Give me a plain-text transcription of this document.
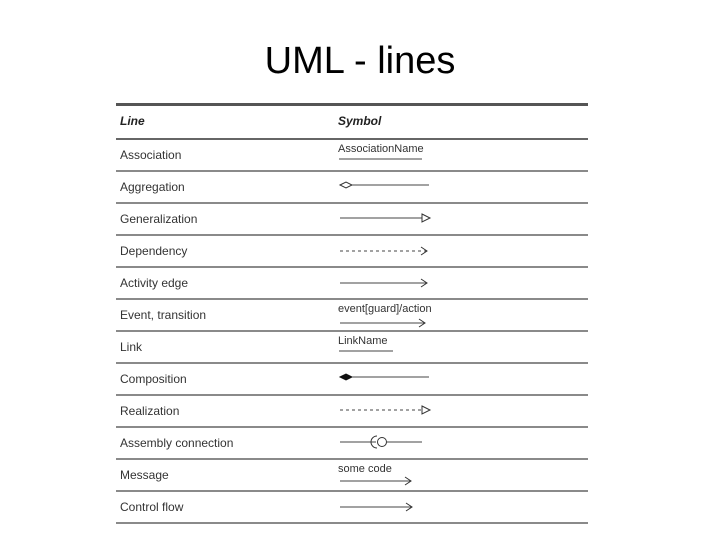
UML - lines
Line	Symbol
Association	AssociationName
Aggregation
Generalization
Dependency
Activity edge
Event, transition	event[guard]/action
Link	LinkName
Composition
Realization
Assembly connection
Message	some code
Control flow
